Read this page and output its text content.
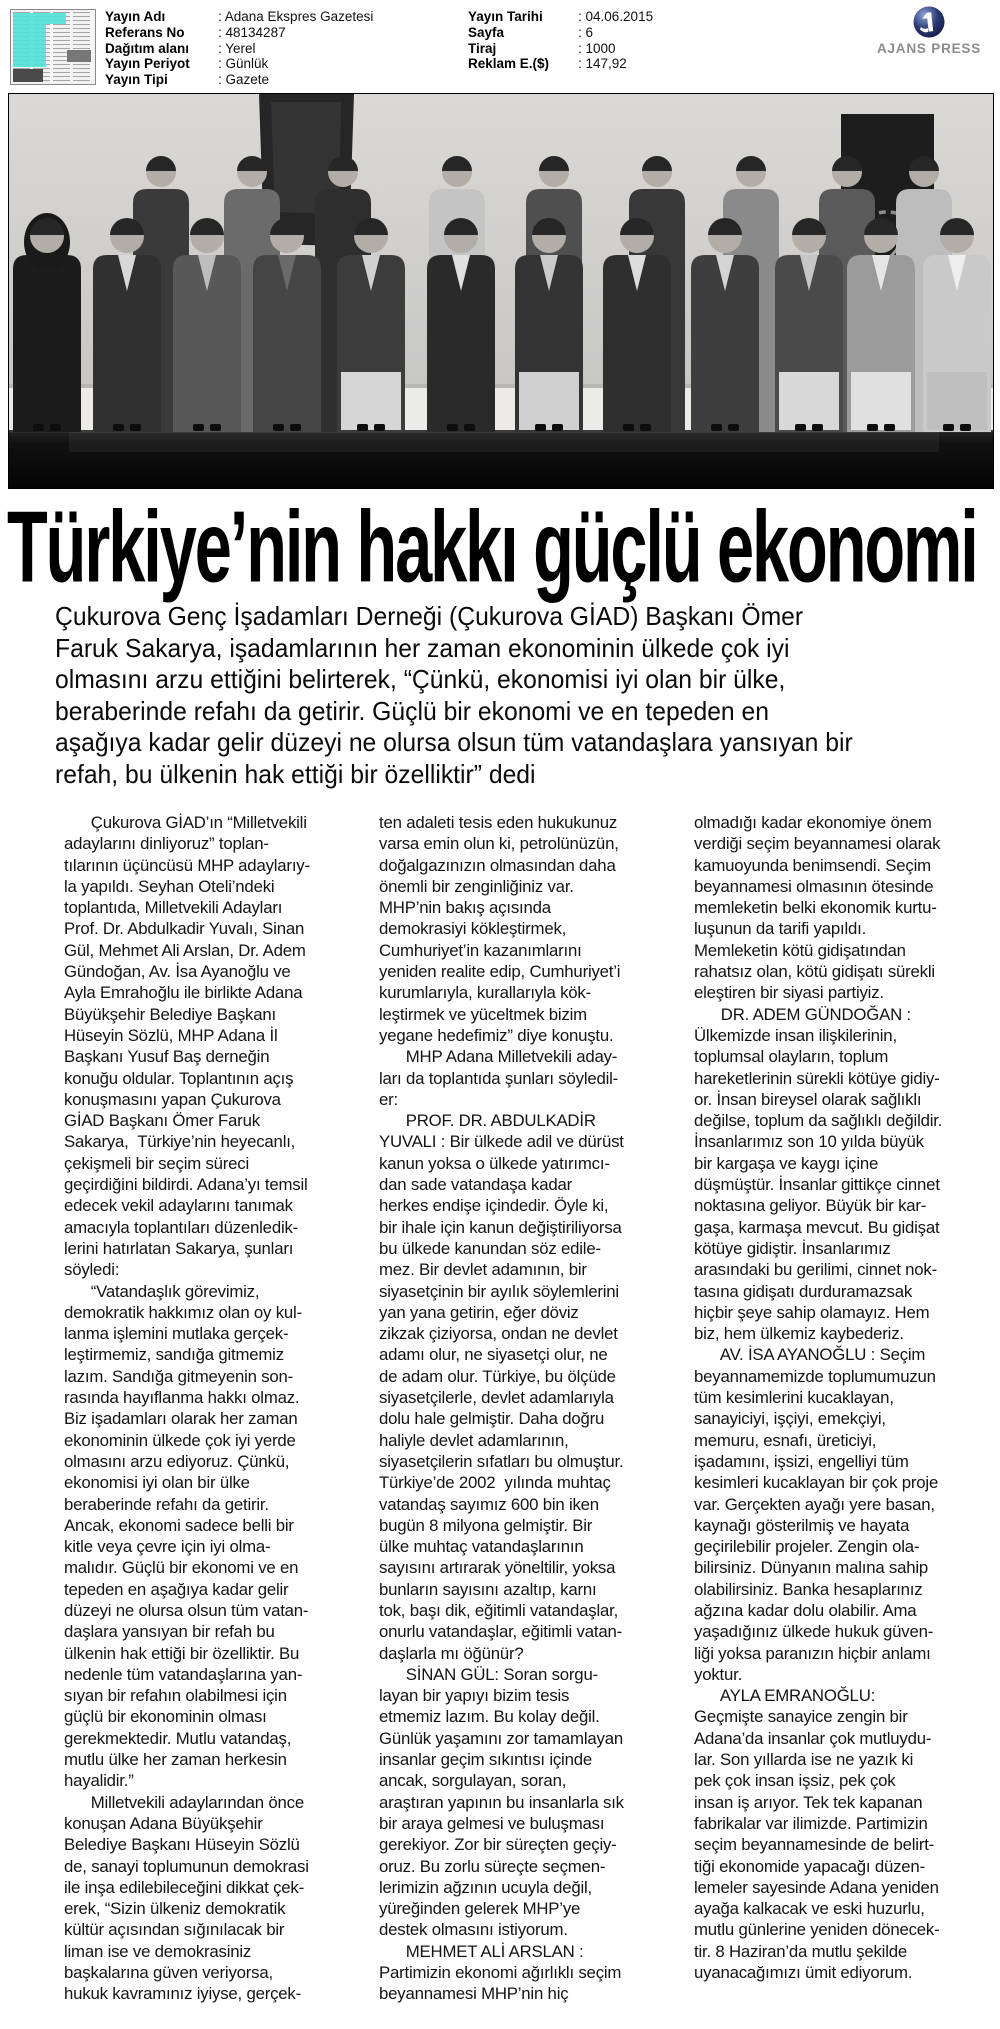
Yayın Adı	: Adana Ekspres Gazetesi
Referans No : 48134287
Dağıtım alanı : Yerel
Yayın Periyot : Günlük
Yayın Tipi	: Gazete
Yayın Tarihi	: 04.06.2015
Sayfa	: 6
Tiraj	: 1000
Reklam E.($) : 147,92
AJANS PRESS
Türkiye’nin hakkı güçlü ekonomi
Çukurova Genç İşadamları Derneği (Çukurova GİAD) Başkanı Ömer
Faruk Sakarya, işadamlarının her zaman ekonominin ülkede çok iyi
olmasını arzu ettiğini belirterek, “Çünkü, ekonomisi iyi olan bir ülke,
beraberinde refahı da getirir. Güçlü bir ekonomi ve en tepeden en
aşağıya kadar gelir düzeyi ne olursa olsun tüm vatandaşlara yansıyan bir
refah, bu ülkenin hak ettiği bir özelliktir” dedi
Çukurova GİAD’ın “Milletvekili
adaylarını dinliyoruz” toplan-
tılarının üçüncüsü MHP adaylarıy-
la yapıldı. Seyhan Oteli’ndeki
toplantıda, Milletvekili Adayları
Prof. Dr. Abdulkadir Yuvalı, Sinan
Gül, Mehmet Ali Arslan, Dr. Adem
Gündoğan, Av. İsa Ayanoğlu ve
Ayla Emrahoğlu ile birlikte Adana
Büyükşehir Belediye Başkanı
Hüseyin Sözlü, MHP Adana İl
Başkanı Yusuf Baş derneğin
konuğu oldular. Toplantının açış
konuşmasını yapan Çukurova
GİAD Başkanı Ömer Faruk
Sakarya,  Türkiye’nin heyecanlı,
çekişmeli bir seçim süreci
geçirdiğini bildirdi. Adana’yı temsil
edecek vekil adaylarını tanımak
amacıyla toplantıları düzenledik-
lerini hatırlatan Sakarya, şunları
söyledi:
“Vatandaşlık görevimiz,
demokratik hakkımız olan oy kul-
lanma işlemini mutlaka gerçek-
leştirmemiz, sandığa gitmemiz
lazım. Sandığa gitmeyenin son-
rasında hayıflanma hakkı olmaz.
Biz işadamları olarak her zaman
ekonominin ülkede çok iyi yerde
olmasını arzu ediyoruz. Çünkü,
ekonomisi iyi olan bir ülke
beraberinde refahı da getirir.
Ancak, ekonomi sadece belli bir
kitle veya çevre için iyi olma-
malıdır. Güçlü bir ekonomi ve en
tepeden en aşağıya kadar gelir
düzeyi ne olursa olsun tüm vatan-
daşlara yansıyan bir refah bu
ülkenin hak ettiği bir özelliktir. Bu
nedenle tüm vatandaşlarına yan-
sıyan bir refahın olabilmesi için
güçlü bir ekonominin olması
gerekmektedir. Mutlu vatandaş,
mutlu ülke her zaman herkesin
hayalidir.”
Milletvekili adaylarından önce
konuşan Adana Büyükşehir
Belediye Başkanı Hüseyin Sözlü
de, sanayi toplumunun demokrasi
ile inşa edilebileceğini dikkat çek-
erek, “Sizin ülkeniz demokratik
kültür açısından sığınılacak bir
liman ise ve demokrasiniz
başkalarına güven veriyorsa,
hukuk kavramınız iyiyse, gerçek-
ten adaleti tesis eden hukukunuz
varsa emin olun ki, petrolünüzün,
doğalgazınızın olmasından daha
önemli bir zenginliğiniz var.
MHP’nin bakış açısında
demokrasiyi kökleştirmek,
Cumhuriyet’in kazanımlarını
yeniden realite edip, Cumhuriyet’i
kurumlarıyla, kurallarıyla kök-
leştirmek ve yüceltmek bizim
yegane hedefimiz” diye konuştu.
MHP Adana Milletvekili aday-
ları da toplantıda şunları söyledil-
er:
PROF. DR. ABDULKADİR
YUVALI : Bir ülkede adil ve dürüst
kanun yoksa o ülkede yatırımcı-
dan sade vatandaşa kadar
herkes endişe içindedir. Öyle ki,
bir ihale için kanun değiştiriliyorsa
bu ülkede kanundan söz edile-
mez. Bir devlet adamının, bir
siyasetçinin bir ayılık söylemlerini
yan yana getirin, eğer döviz
zikzak çiziyorsa, ondan ne devlet
adamı olur, ne siyasetçi olur, ne
de adam olur. Türkiye, bu ölçüde
siyasetçilerle, devlet adamlarıyla
dolu hale gelmiştir. Daha doğru
haliyle devlet adamlarının,
siyasetçilerin sıfatları bu olmuştur.
Türkiye’de 2002  yılında muhtaç
vatandaş sayımız 600 bin iken
bugün 8 milyona gelmiştir. Bir
ülke muhtaç vatandaşlarının
sayısını artırarak yöneltilir, yoksa
bunların sayısını azaltıp, karnı
tok, başı dik, eğitimli vatandaşlar,
onurlu vatandaşlar, eğitimli vatan-
daşlarla mı öğünür?
SİNAN GÜL: Soran sorgu-
layan bir yapıyı bizim tesis
etmemiz lazım. Bu kolay değil.
Günlük yaşamını zor tamamlayan
insanlar geçim sıkıntısı içinde
ancak, sorgulayan, soran,
araştıran yapının bu insanlarla sık
bir araya gelmesi ve buluşması
gerekiyor. Zor bir süreçten geçiy-
oruz. Bu zorlu süreçte seçmen-
lerimizin ağzının ucuyla değil,
yüreğinden gelerek MHP’ye
destek olmasını istiyorum.
MEHMET ALİ ARSLAN :
Partimizin ekonomi ağırlıklı seçim
beyannamesi MHP’nin hiç
olmadığı kadar ekonomiye önem
verdiği seçim beyannamesi olarak
kamuoyunda benimsendi. Seçim
beyannamesi olmasının ötesinde
memleketin belki ekonomik kurtu-
luşunun da tarifi yapıldı.
Memleketin kötü gidişatından
rahatsız olan, kötü gidişatı sürekli
eleştiren bir siyasi partiyiz.
DR. ADEM GÜNDOĞAN :
Ülkemizde insan ilişkilerinin,
toplumsal olayların, toplum
hareketlerinin sürekli kötüye gidiy-
or. İnsan bireysel olarak sağlıklı
değilse, toplum da sağlıklı değildir.
İnsanlarımız son 10 yılda büyük
bir kargaşa ve kaygı içine
düşmüştür. İnsanlar gittikçe cinnet
noktasına geliyor. Büyük bir kar-
gaşa, karmaşa mevcut. Bu gidişat
kötüye gidiştir. İnsanlarımız
arasındaki bu gerilimi, cinnet nok-
tasına gidişatı durduramazsak
hiçbir şeye sahip olamayız. Hem
biz, hem ülkemiz kaybederiz.
AV. İSA AYANOĞLU : Seçim
beyannamemizde toplumumuzun
tüm kesimlerini kucaklayan,
sanayiciyi, işçiyi, emekçiyi,
memuru, esnafı, üreticiyi,
işadamını, işsizi, engelliyi tüm
kesimleri kucaklayan bir çok proje
var. Gerçekten ayağı yere basan,
kaynağı gösterilmiş ve hayata
geçirilebilir projeler. Zengin ola-
bilirsiniz. Dünyanın malına sahip
olabilirsiniz. Banka hesaplarınız
ağzına kadar dolu olabilir. Ama
yaşadığınız ülkede hukuk güven-
liği yoksa paranızın hiçbir anlamı
yoktur.
AYLA EMRANOĞLU:
Geçmişte sanayice zengin bir
Adana’da insanlar çok mutluydu-
lar. Son yıllarda ise ne yazık ki
pek çok insan işsiz, pek çok
insan iş arıyor. Tek tek kapanan
fabrikalar var ilimizde. Partimizin
seçim beyannamesinde de belirt-
tiği ekonomide yapacağı düzen-
lemeler sayesinde Adana yeniden
ayağa kalkacak ve eski huzurlu,
mutlu günlerine yeniden dönecek-
tir. 8 Haziran’da mutlu şekilde
uyanacağımızı ümit ediyorum.
